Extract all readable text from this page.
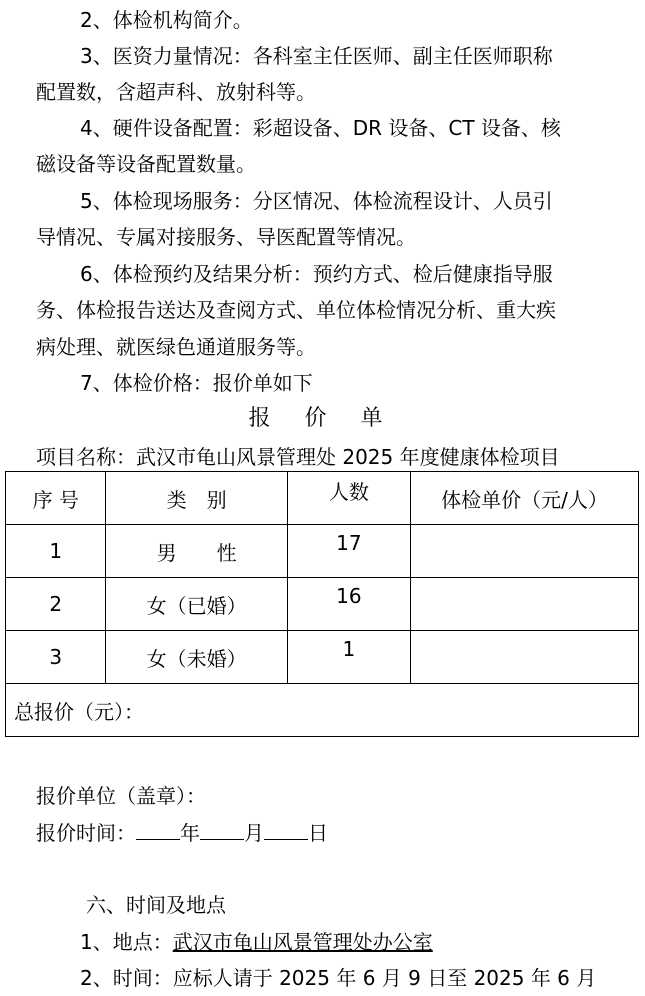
2、体检机构简介。
3、医资力量情况：各科室主任医师、副主任医师职称
配置数，含超声科、放射科等。
4、硬件设备配置：彩超设备、DR 设备、CT 设备、核
磁设备等设备配置数量。
5、体检现场服务：分区情况、体检流程设计、人员引
导情况、专属对接服务、导医配置等情况。
6、体检预约及结果分析：预约方式、检后健康指导服
务、体检报告送达及查阅方式、单位体检情况分析、重大疾
病处理、就医绿色通道服务等。
7、体检价格：报价单如下
报价单
项目名称：武汉市龟山风景管理处 2025 年度健康体检项目
序 号	类　别	人数	体检单价（元/人）
1	男　　性	17	
2	女（已婚）	16	
3	女（未婚）	1	
总报价（元）：			
报价单位（盖章）：
报价时间： 年 月 日
六、时间及地点
1、地点：武汉市龟山风景管理处办公室
2、时间：应标人请于 2025 年 6 月 9 日至 2025 年 6 月
